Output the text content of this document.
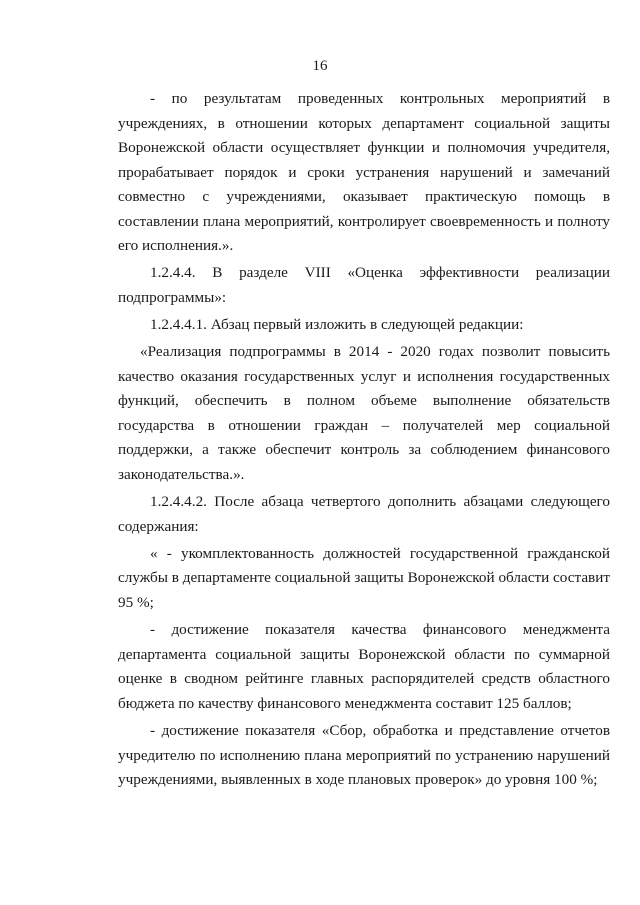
16

- по результатам проведенных контрольных мероприятий в учреждениях, в отношении которых департамент социальной защиты Воронежской области осуществляет функции и полномочия учредителя, прорабатывает порядок и сроки устранения нарушений и замечаний совместно с учреждениями, оказывает практическую помощь в составлении плана мероприятий, контролирует своевременность и полноту его исполнения.».

1.2.4.4. В разделе VIII «Оценка эффективности реализации подпрограммы»:

1.2.4.4.1. Абзац первый изложить в следующей редакции:

«Реализация подпрограммы в 2014 - 2020 годах позволит повысить качество оказания государственных услуг и исполнения государственных функций, обеспечить в полном объеме выполнение обязательств государства в отношении граждан – получателей мер социальной поддержки, а также обеспечит контроль за соблюдением финансового законодательства.».

1.2.4.4.2. После абзаца четвертого дополнить абзацами следующего содержания:

« - укомплектованность должностей государственной гражданской службы в департаменте социальной защиты Воронежской области составит 95 %;

- достижение показателя качества финансового менеджмента департамента социальной защиты Воронежской области по суммарной оценке в сводном рейтинге главных распорядителей средств областного бюджета по качеству финансового менеджмента составит 125 баллов;

- достижение показателя «Сбор, обработка и представление отчетов учредителю по исполнению плана мероприятий по устранению нарушений учреждениями, выявленных в ходе плановых проверок» до уровня 100 %;
